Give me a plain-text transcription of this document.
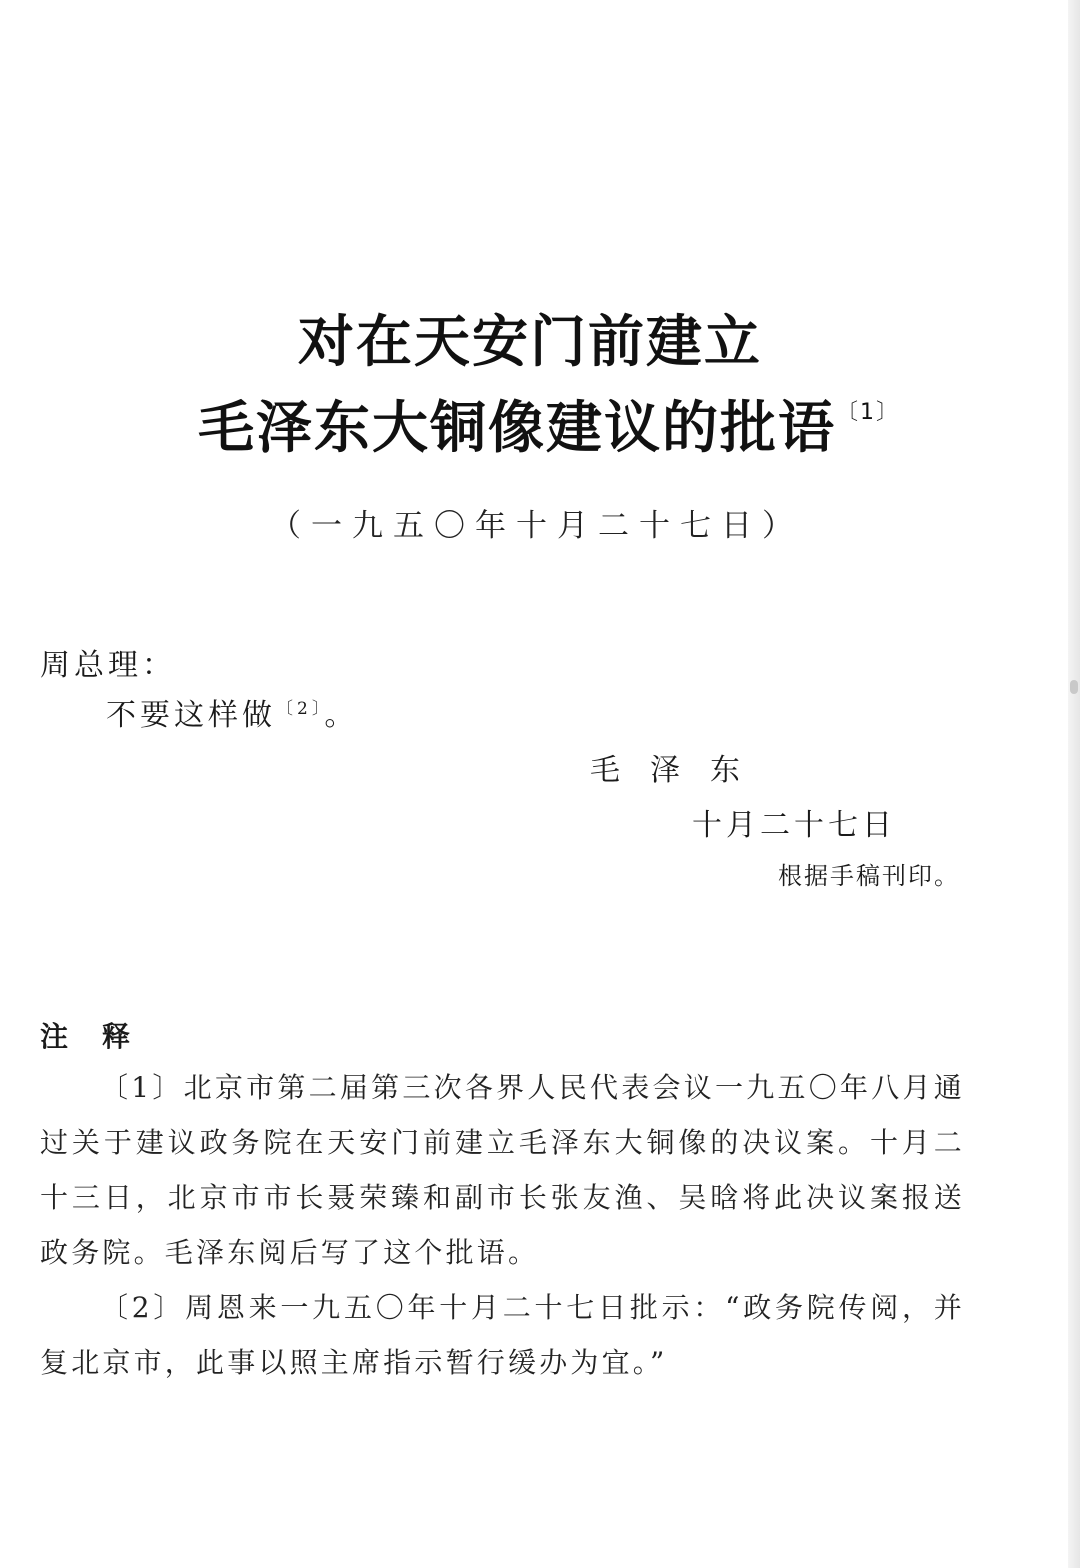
对在天安门前建立
毛泽东大铜像建议的批语$^{〔1〕}$
（一九五〇年十月二十七日）
周总理：
不要这样做$^{〔2〕}$。
毛泽东
十月二十七日
根据手稿刊印。
注释
〔1〕北京市第二届第三次各界人民代表会议一九五〇年八月通过关于建议政务院在天安门前建立毛泽东大铜像的决议案。十月二十三日，北京市市长聂荣臻和副市长张友渔、吴晗将此决议案报送政务院。毛泽东阅后写了这个批语。
〔2〕周恩来一九五〇年十月二十七日批示：“政务院传阅，并复北京市，此事以照主席指示暂行缓办为宜。”
